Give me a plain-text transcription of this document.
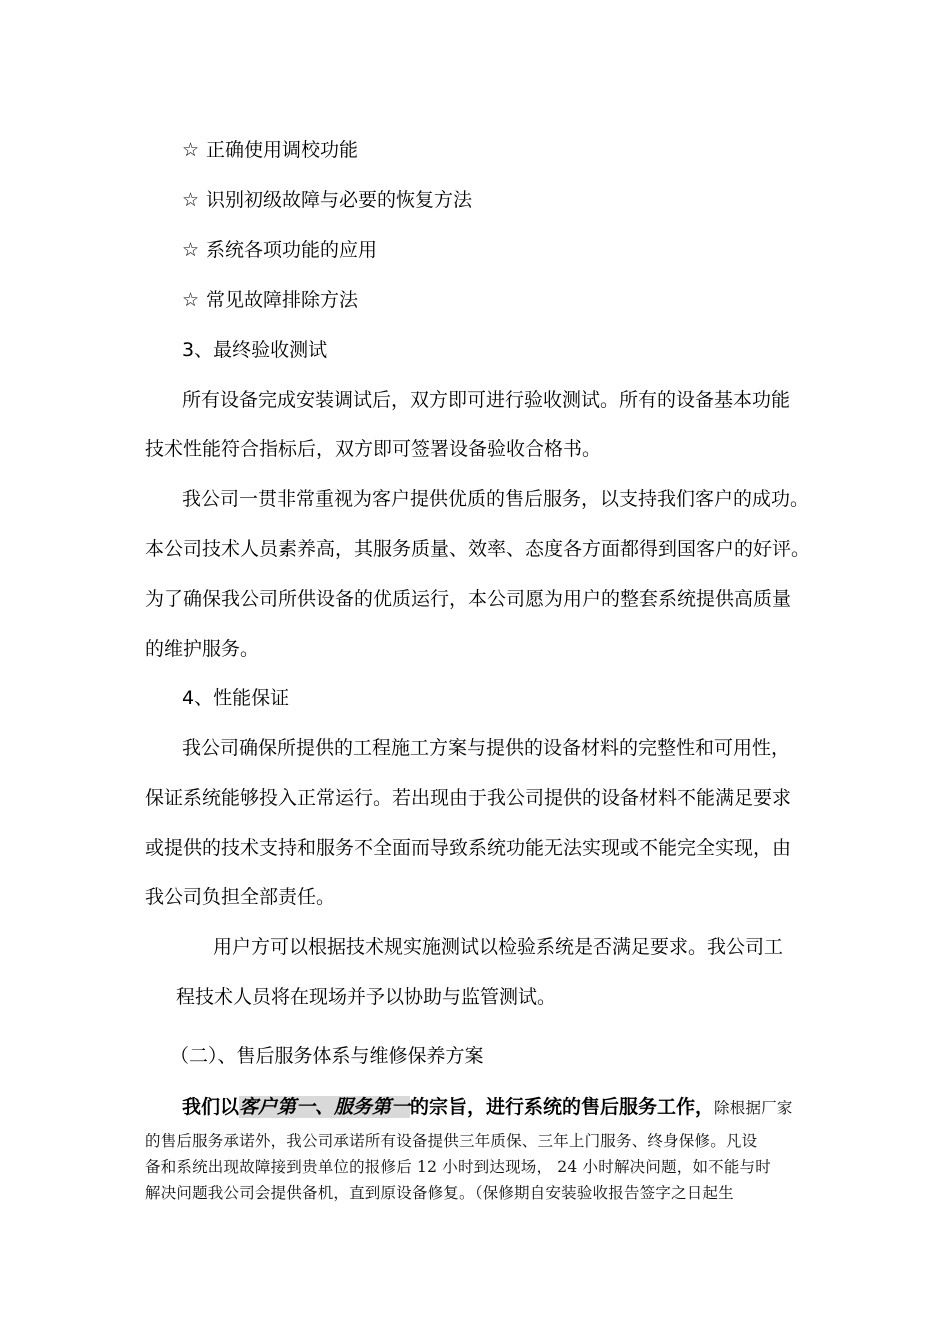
☆ 正确使用调校功能
☆ 识别初级故障与必要的恢复方法
☆ 系统各项功能的应用
☆ 常见故障排除方法
3、最终验收测试
所有设备完成安装调试后，双方即可进行验收测试。所有的设备基本功能
技术性能符合指标后，双方即可签署设备验收合格书。
我公司一贯非常重视为客户提供优质的售后服务，以支持我们客户的成功。
本公司技术人员素养高，其服务质量、效率、态度各方面都得到国客户的好评。
为了确保我公司所供设备的优质运行，本公司愿为用户的整套系统提供高质量
的维护服务。
4、性能保证
我公司确保所提供的工程施工方案与提供的设备材料的完整性和可用性，
保证系统能够投入正常运行。若出现由于我公司提供的设备材料不能满足要求
或提供的技术支持和服务不全面而导致系统功能无法实现或不能完全实现，由
我公司负担全部责任。
用户方可以根据技术规实施测试以检验系统是否满足要求。我公司工
程技术人员将在现场并予以协助与监管测试。
（二）、售后服务体系与维修保养方案
我们以客户第一、服务第一的宗旨，进行系统的售后服务工作，除根据厂家
的售后服务承诺外，我公司承诺所有设备提供三年质保、三年上门服务、终身保修。凡设
备和系统出现故障接到贵单位的报修后 12 小时到达现场， 24 小时解决问题，如不能与时
解决问题我公司会提供备机，直到原设备修复。（保修期自安装验收报告签字之日起生
